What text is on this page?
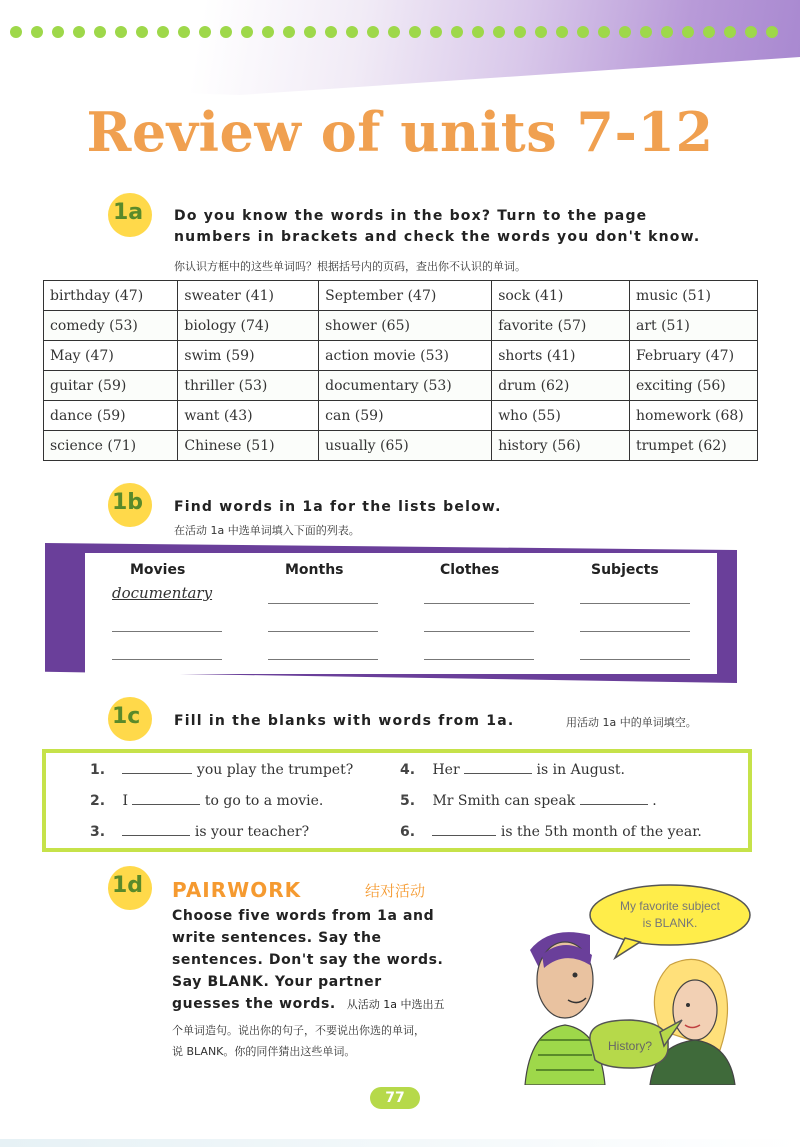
Review of units 7-12
1a Do you know the words in the box? Turn to the page
numbers in brackets and check the words you don't know.
你认识方框中的这些单词吗？根据括号内的页码，查出你不认识的单词。
birthday (47)	sweater (41)	September (47)	sock (41)	music (51)
comedy (53)	biology (74)	shower (65)	favorite (57)	art (51)
May (47)	swim (59)	action movie (53)	shorts (41)	February (47)
guitar (59)	thriller (53)	documentary (53)	drum (62)	exciting (56)
dance (59)	want (43)	can (59)	who (55)	homework (68)
science (71)	Chinese (51)	usually (65)	history (56)	trumpet (62)
1b Find words in 1a for the lists below.
在活动 1a 中选单词填入下面的列表。
Movies	Months	Clothes	Subjects
documentary
1c Fill in the blanks with words from 1a.	用活动 1a 中的单词填空。
1.	you play the trumpet?
2. I	to go to a movie.
3.	is your teacher?
4. Her	is in August.
5. Mr Smith can speak	.
6.	is the 5th month of the year.
1d PAIRWORK	结对活动
Choose five words from 1a and
write sentences. Say the
sentences. Don't say the words.
Say BLANK. Your partner
guesses the words. 从活动 1a 中选出五
个单词造句。说出你的句子，不要说出你选的单词，
说 BLANK。你的同伴猜出这些单词。
My favorite subject
is BLANK.
History?
77
